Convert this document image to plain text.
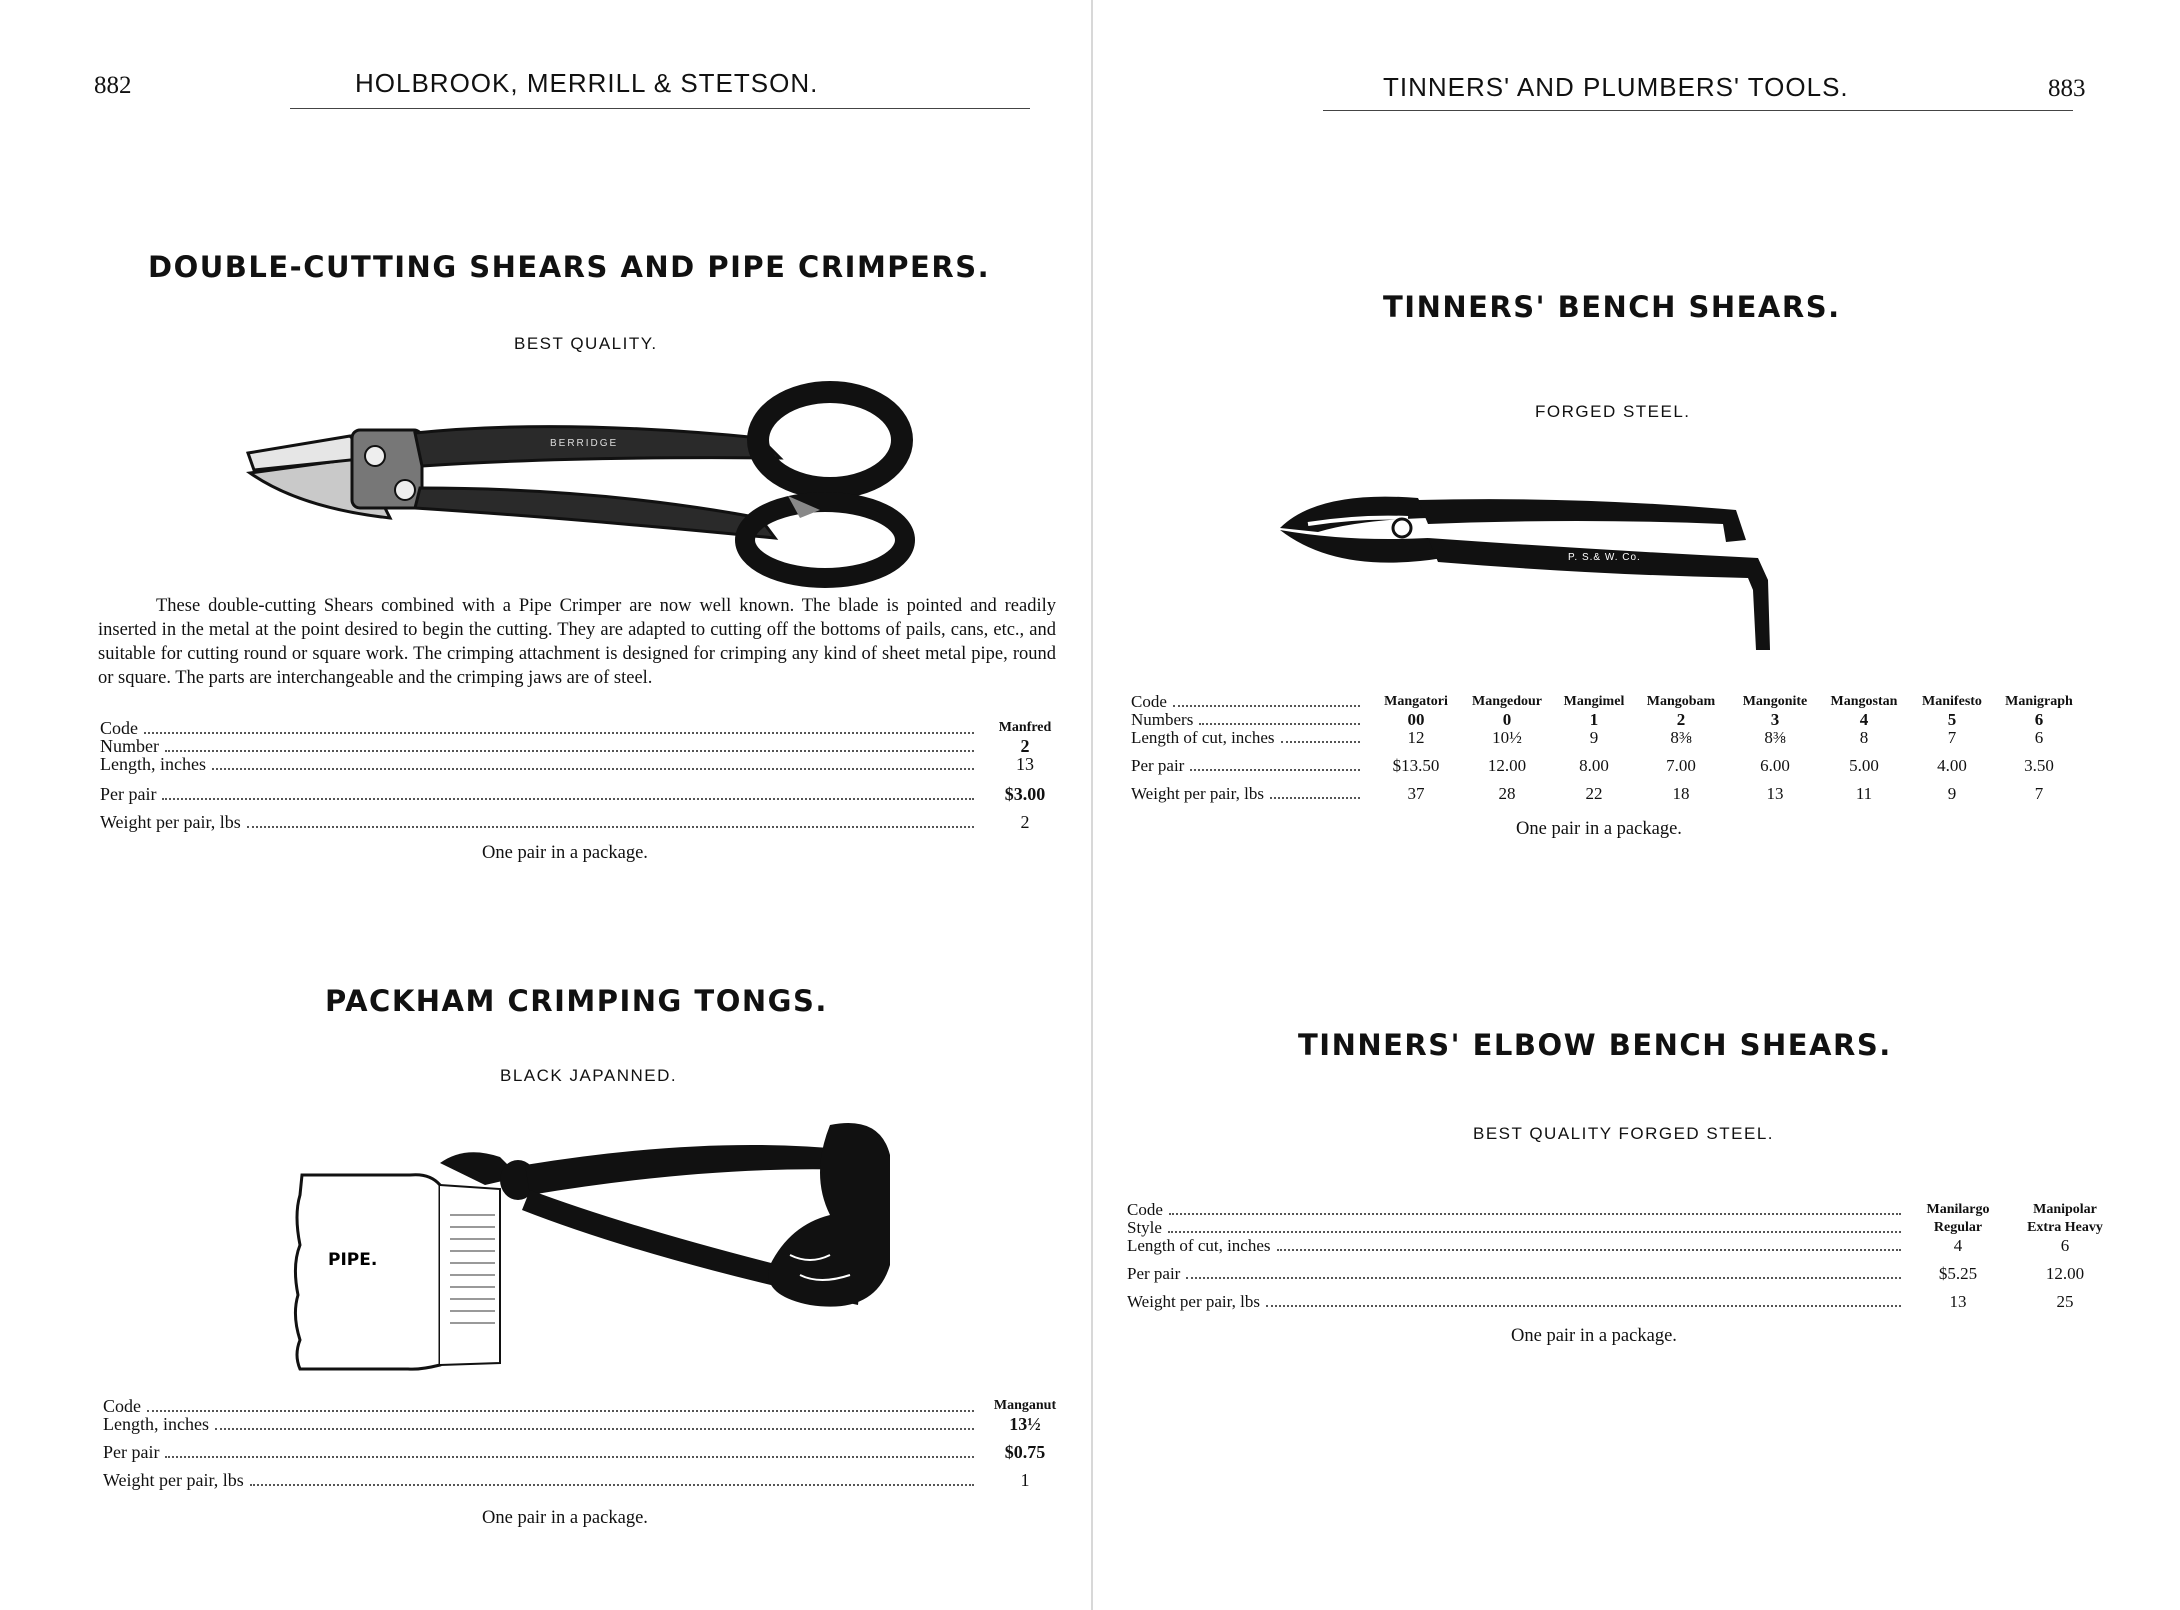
882	HOLBROOK, MERRILL & STETSON.
DOUBLE-CUTTING SHEARS AND PIPE CRIMPERS.
BEST QUALITY.
BERRIDGE

These double-cutting Shears combined with a Pipe Crimper are now well known. The blade is pointed and readily inserted in the metal at the point desired to begin the cutting. They are adapted to cutting off the bottoms of pails, cans, etc., and suitable for cutting round or square work. The crimping attachment is designed for crimping any kind of sheet metal pipe, round or square. The parts are interchangeable and the crimping jaws are of steel.

Code
Number
Length, inches
Per pair
Weight per pair, lbs
Manfred
2
13
$3.00
2
One pair in a package.
PACKHAM CRIMPING TONGS.
BLACK JAPANNED.
PIPE.
Code
Length, inches
Per pair
Weight per pair, lbs
Manganut
13½
$0.75
1
One pair in a package.
TINNERS' AND PLUMBERS' TOOLS.	883
TINNERS' BENCH SHEARS.
FORGED STEEL.
P. S.& W. Co.
Code
Numbers
Length of cut, inches
Per pair
Weight per pair, lbs
Mangatori
00
12
$13.50
37
Mangedour
0
10½
12.00
28
Mangimel
1
9
8.00
22
Mangobam
2
8⅜
7.00
18
Mangonite
3
8⅜
6.00
13
Mangostan
4
8
5.00
11
Manifesto
5
7
4.00
9
Manigraph
6
6
3.50
7
One pair in a package.
TINNERS' ELBOW BENCH SHEARS.
BEST QUALITY FORGED STEEL.
Code
Style
Length of cut, inches
Per pair
Weight per pair, lbs
Manilargo
Regular
4
$5.25
13
Manipolar
Extra Heavy
6
12.00
25
One pair in a package.
